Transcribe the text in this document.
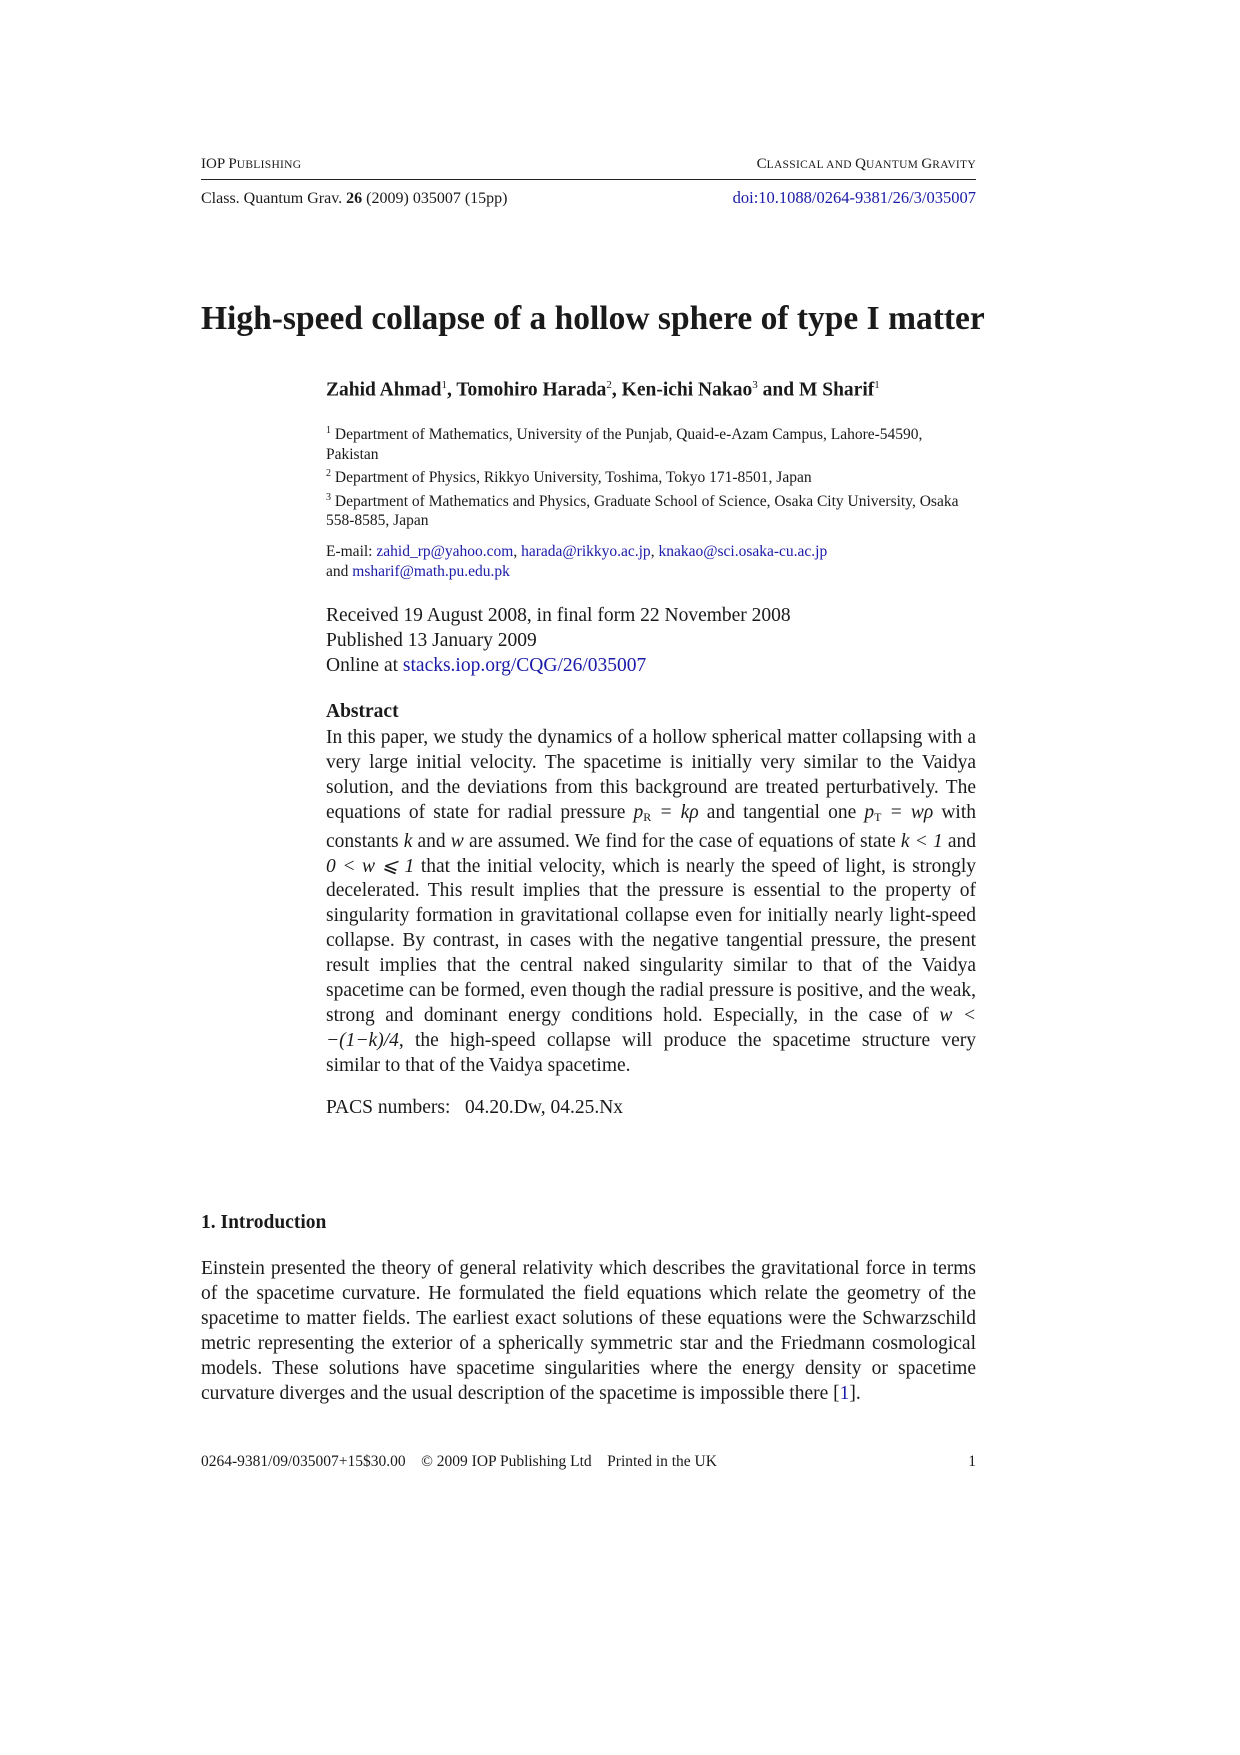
IOP PUBLISHING	CLASSICAL AND QUANTUM GRAVITY
Class. Quantum Grav. 26 (2009) 035007 (15pp)	doi:10.1088/0264-9381/26/3/035007
High-speed collapse of a hollow sphere of type I matter
Zahid Ahmad$^1$, Tomohiro Harada$^2$, Ken-ichi Nakao$^3$ and M Sharif$^1$
$^1$ Department of Mathematics, University of the Punjab, Quaid-e-Azam Campus, Lahore-54590, Pakistan
$^2$ Department of Physics, Rikkyo University, Toshima, Tokyo 171-8501, Japan
$^3$ Department of Mathematics and Physics, Graduate School of Science, Osaka City University, Osaka 558-8585, Japan
E-mail: zahid_rp@yahoo.com, harada@rikkyo.ac.jp, knakao@sci.osaka-cu.ac.jp
and msharif@math.pu.edu.pk
Received 19 August 2008, in final form 22 November 2008
Published 13 January 2009
Online at stacks.iop.org/CQG/26/035007
Abstract

In this paper, we study the dynamics of a hollow spherical matter collapsing with a very large initial velocity. The spacetime is initially very similar to the Vaidya solution, and the deviations from this background are treated perturbatively. The equations of state for radial pressure pR = kρ and tangential one pT = wρ with constants k and w are assumed. We find for the case of equations of state k < 1 and 0 < w ⩽ 1 that the initial velocity, which is nearly the speed of light, is strongly decelerated. This result implies that the pressure is essential to the property of singularity formation in gravitational collapse even for initially nearly light-speed collapse. By contrast, in cases with the negative tangential pressure, the present result implies that the central naked singularity similar to that of the Vaidya spacetime can be formed, even though the radial pressure is positive, and the weak, strong and dominant energy conditions hold. Especially, in the case of w < −(1−k)/4, the high-speed collapse will produce the spacetime structure very similar to that of the Vaidya spacetime.

PACS numbers:   04.20.Dw, 04.25.Nx
1. Introduction

Einstein presented the theory of general relativity which describes the gravitational force in terms of the spacetime curvature. He formulated the field equations which relate the geometry of the spacetime to matter fields. The earliest exact solutions of these equations were the Schwarzschild metric representing the exterior of a spherically symmetric star and the Friedmann cosmological models. These solutions have spacetime singularities where the energy density or spacetime curvature diverges and the usual description of the spacetime is impossible there [1].

0264-9381/09/035007+15$30.00    © 2009 IOP Publishing Ltd    Printed in the UK	1
